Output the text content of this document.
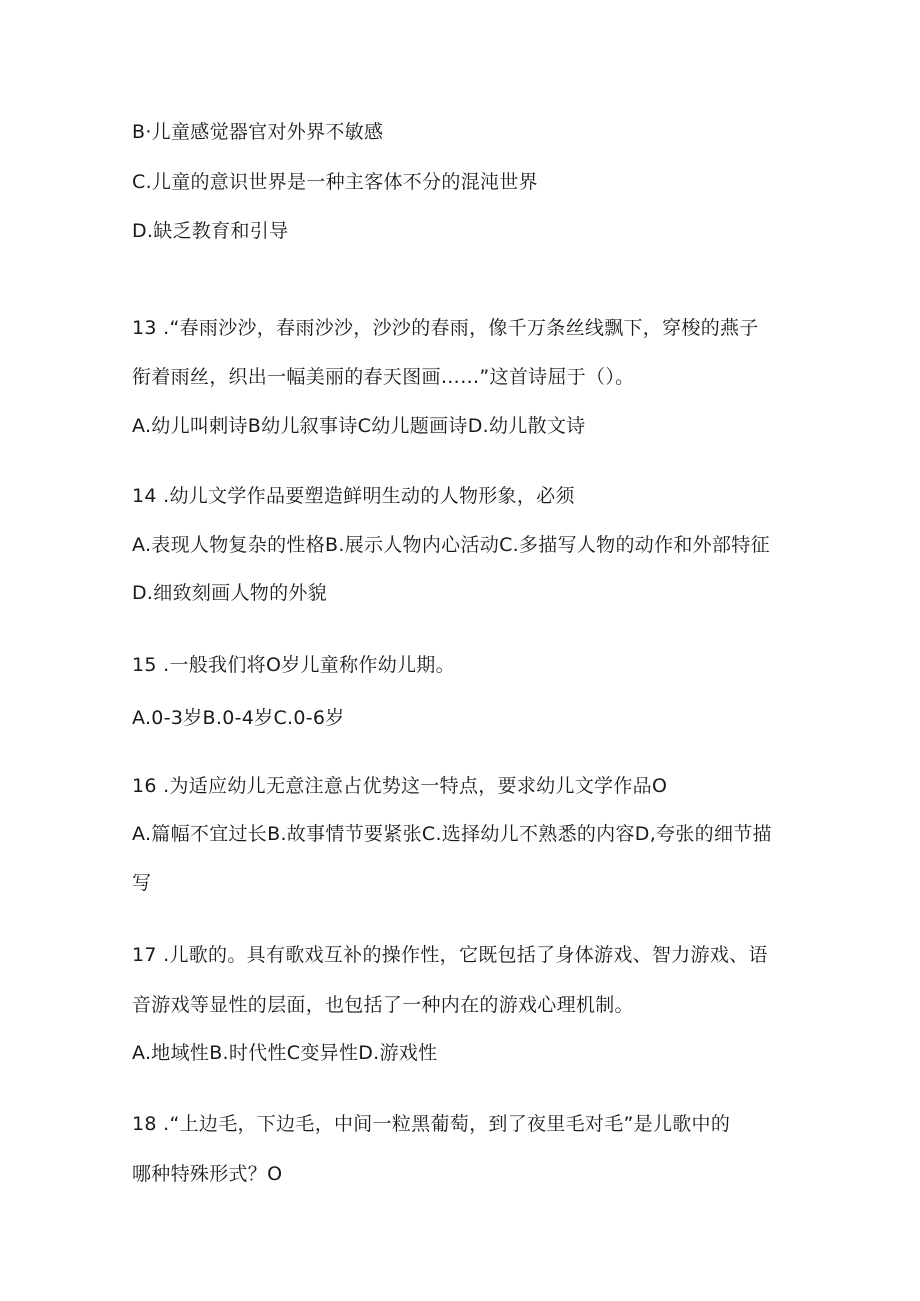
B·儿童感觉器官对外界不敏感
C.儿童的意识世界是一种主客体不分的混沌世界
D.缺乏教育和引导
13 .“春雨沙沙，春雨沙沙，沙沙的春雨，像千万条丝线飘下，穿梭的燕子
衔着雨丝，织出一幅美丽的春天图画……”这首诗屈于（）。
A.幼儿叫剌诗B幼儿叙事诗C幼儿题画诗D.幼儿散文诗
14 .幼儿文学作品要塑造鲜明生动的人物形象，必须
A.表现人物复杂的性格B.展示人物内心活动C.多描写人物的动作和外部特征
D.细致刻画人物的外貌
15 .一般我们将O岁儿童称作幼儿期。
A.0-3岁B.0-4岁C.0-6岁
16 .为适应幼儿无意注意占优势这一特点，要求幼儿文学作品O
A.篇幅不宜过长B.故事情节要紧张C.选择幼儿不熟悉的内容D,夸张的细节描
写
17 .儿歌的。具有歌戏互补的操作性，它既包括了身体游戏、智力游戏、语
音游戏等显性的层面，也包括了一种内在的游戏心理机制。
A.地域性B.时代性C变异性D.游戏性
18 .“上边毛，下边毛，中间一粒黑葡萄，到了夜里毛对毛”是儿歌中的
哪种特殊形式？O
